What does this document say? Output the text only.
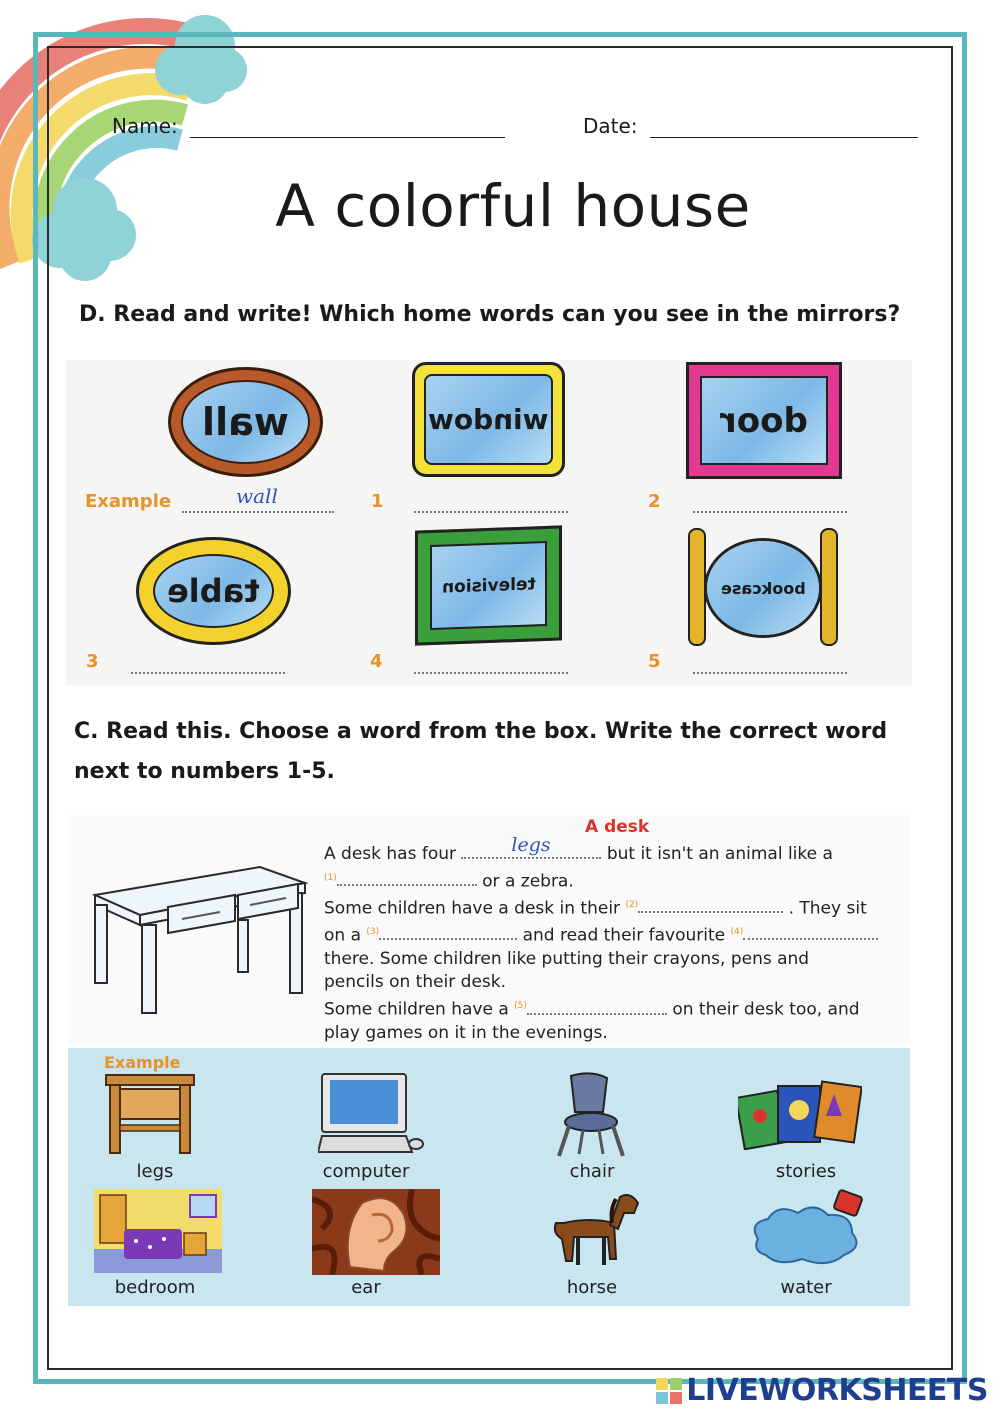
Name:	Date:
A colorful house
D. Read and write! Which home words can you see in the mirrors?
wall	window	door
table	television	bookcase
Example	wall	1	2
3	4	5
C. Read this. Choose a word from the box. Write the correct word
next to numbers 1-5.
A desk
A desk has four	legs	but it isn't an animal like a
$^{(1)}$	or a zebra.
Some children have a desk in their $^{(2)}$	. They sit
on a $^{(3)}$	and read their favourite $^{(4)}$
there. Some children like putting their crayons, pens and
pencils on their desk.
Some children have a $^{(5)}$	on their desk too, and
play games on it in the evenings.
Example
legs	computer	chair	stories
bedroom	ear	horse	water
LIVEWORKSHEETS
